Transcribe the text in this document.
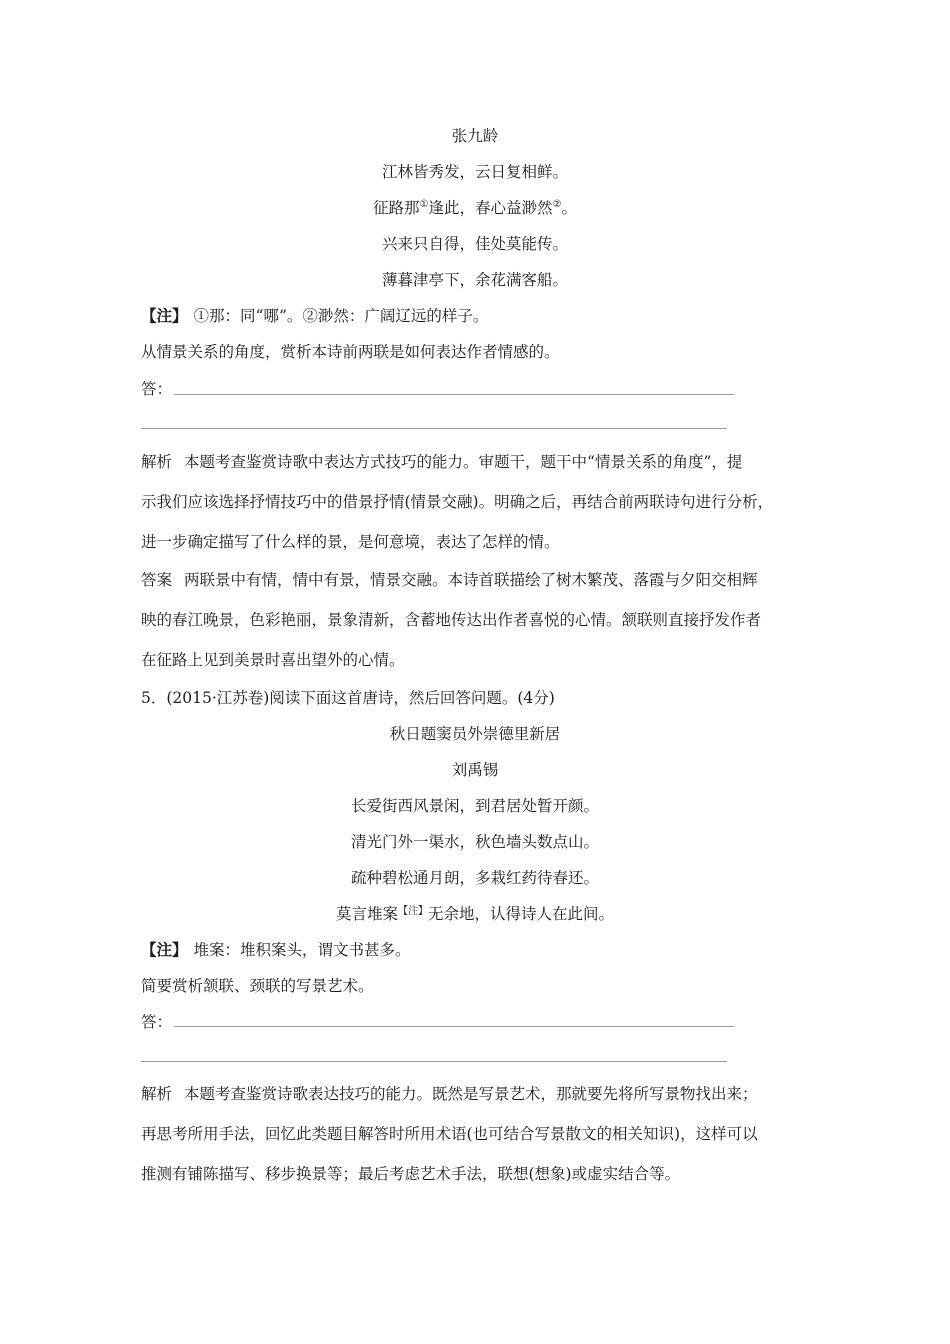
张九龄
江林皆秀发，云日复相鲜。
征路那①逢此，春心益渺然②。
兴来只自得，佳处莫能传。
薄暮津亭下，余花满客船。
【注】 ①那：同“哪”。②渺然：广阔辽远的样子。
从情景关系的角度，赏析本诗前两联是如何表达作者情感的。
答：
解析 本题考查鉴赏诗歌中表达方式技巧的能力。审题干，题干中“情景关系的角度”，提
示我们应该选择抒情技巧中的借景抒情(情景交融)。明确之后，再结合前两联诗句进行分析，
进一步确定描写了什么样的景，是何意境，表达了怎样的情。
答案 两联景中有情，情中有景，情景交融。本诗首联描绘了树木繁茂、落霞与夕阳交相辉
映的春江晚景，色彩艳丽，景象清新，含蓄地传达出作者喜悦的心情。颔联则直接抒发作者
在征路上见到美景时喜出望外的心情。
5．(2015·江苏卷)阅读下面这首唐诗，然后回答问题。(4分)
秋日题窦员外崇德里新居
刘禹锡
长爱街西风景闲，到君居处暂开颜。
清光门外一渠水，秋色墙头数点山。
疏种碧松通月朗，多栽红药待春还。
莫言堆案$^{【注】}$无余地，认得诗人在此间。
【注】 堆案：堆积案头，谓文书甚多。
简要赏析颔联、颈联的写景艺术。
答：
解析 本题考查鉴赏诗歌表达技巧的能力。既然是写景艺术，那就要先将所写景物找出来；
再思考所用手法，回忆此类题目解答时所用术语(也可结合写景散文的相关知识)，这样可以
推测有铺陈描写、移步换景等；最后考虑艺术手法，联想(想象)或虚实结合等。
